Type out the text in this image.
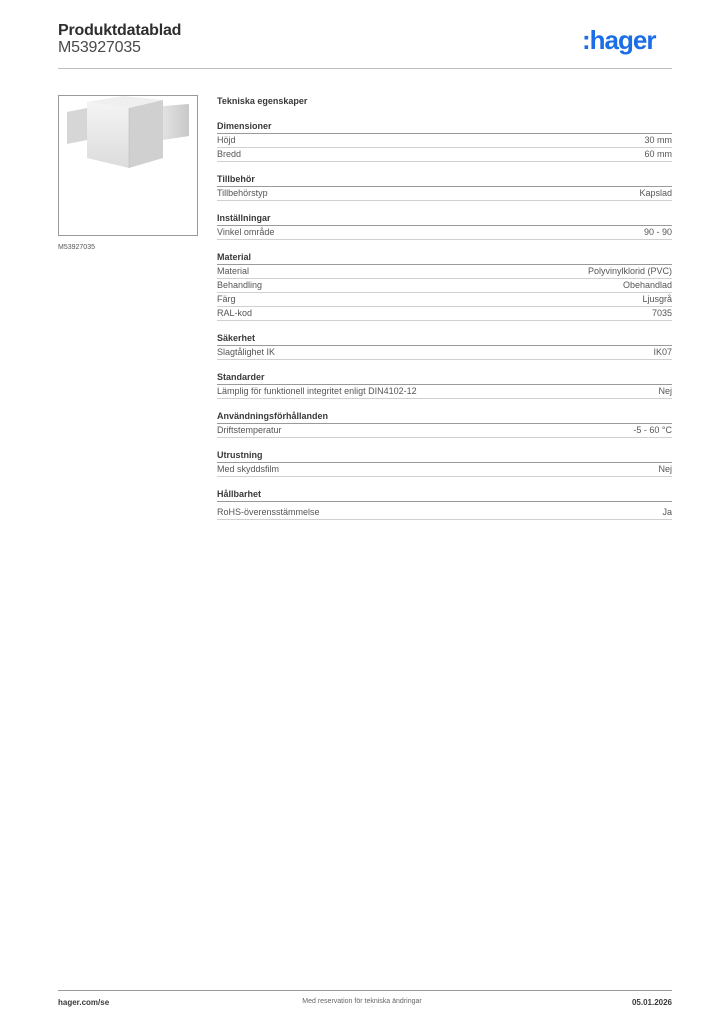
Produktdatablad
M53927035	:hager
M53927035
Tekniska egenskaper
Dimensioner
Höjd	30 mm
Bredd	60 mm
Tillbehör
Tillbehörstyp	Kapslad
Inställningar
Vinkel område	90 - 90
Material
Material	Polyvinylklorid (PVC)
Behandling	Obehandlad
Färg	Ljusgrå
RAL-kod	7035
Säkerhet
Slagtålighet IK	IK07
Standarder
Lämplig för funktionell integritet enligt DIN4102-12	Nej
Användningsförhållanden
Driftstemperatur	-5 - 60 °C
Utrustning
Med skyddsfilm	Nej
Hållbarhet
RoHS-överensstämmelse	Ja
hager.com/se	Med reservation för tekniska ändringar	05.01.2026
